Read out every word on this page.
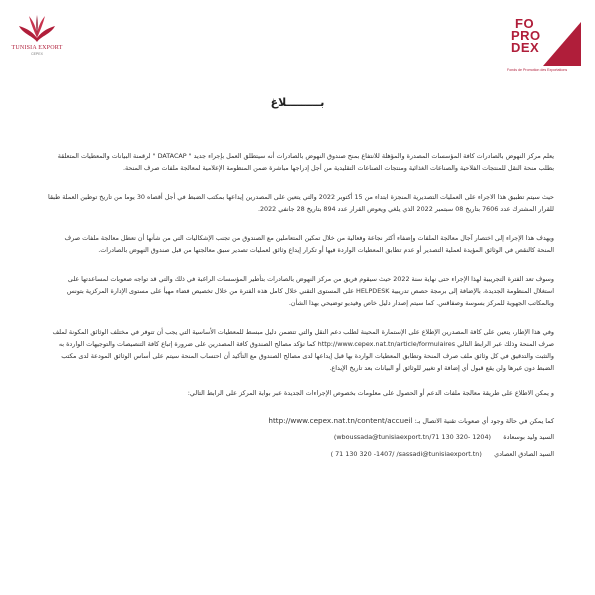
TUNISIA EXPORT
CEPEX
FO
PRO
DEX
Fonds de Promotion des Exportations
بـــــــــلاغ

يعلم مركز النهوض بالصادرات كافة المؤسسات المصدرة والمؤهلة للانتفاع بمنح صندوق النهوض بالصادرات أنه سيتطلق العمل بإجراء جديد " DATACAP " لرقمنة البيانات والمعطيات المتعلقة بطلب منحة النقل للمنتجات الفلاحية والصناعات الغذائية ومنتجات الصناعات التقليدية من أجل إدراجها مباشرة ضمن المنظومة الإعلامية لمعالجة ملفات صرف المنحة.

حيث سيتم تطبيق هذا الاجراء على العمليات التصديرية المنجزة ابتداء من 15 أكتوبر 2022 والتي يتعين على المصدرين إيداعها بمكتب الضبط في أجل أقصاه 30 يوما من تاريخ توطين العملة طبقا للقرار المشترك عدد 7606 بتاريخ 08 سبتمبر 2022 الذي يلغي ويعوض القرار عدد 894 بتاريخ 28 جانفي 2022.

ويهدف هذا الإجراء إلى اختصار آجال معالجة الملفات وإضفاء أكثر نجاعة وفعالية من خلال تمكين المتعاملين مع الصندوق من تجنب الإشكاليات التي من شأنها أن تعطل معالجة ملفات صرف المنحة كالنقص في الوثائق المؤيدة لعملية التصدير أو عدم تطابق المعطيات الواردة فيها أو تكرار إيداع وثائق لعمليات تصدير سبق معالجتها من قبل صندوق النهوض بالصادرات.

وسوف تعد الفترة التجريبية لهذا الإجراء حتى نهاية سنة 2022 حيث سيقوم فريق من مركز النهوض بالصادرات بتأطير المؤسسات الراغبة في ذلك والتي قد تواجه صعوبات لمساعدتها على استغلال المنظومة الجديدة، بالإضافة إلى برمجة حصص تدريبية HELPDESK على المستوى التقني خلال كامل هذه الفترة من خلال تخصيص فضاء مهيأ على مستوى الإدارة المركزية بتونس وبالمكاتب الجهوية للمركز بسوسة وصفاقس. كما سيتم إصدار دليل خاص وفيديو توضيحي بهذا الشأن.

وفي هذا الإطار، يتعين على كافة المصدرين الإطلاع على الإستمارة المحينة لطلب دعم النقل والتي تتضمن دليل مبسط للمعطيات الأساسية التي يجب أن تتوفر في مختلف الوثائق المكونة لملف صرف المنحة وذلك عبر الرابط التالي http://www.cepex.nat.tn/article/formulaires كما تؤكد مصالح الصندوق كافة المصدرين على ضرورة إتباع كافة التنصيصات والتوجيهات الواردة به والتثبت والتدقيق في كل وثائق ملف صرف المنحة وتطابق المعطيات الواردة بها قبل إيداعها لدى مصالح الصندوق مع التأكيد أن احتساب المنحة سيتم على أساس الوثائق المودعة لدى مكتب الضبط دون غيرها ولن يقع قبول أي إضافة او تغيير للوثائق أو البيانات بعد تاريخ الإيداع.

و يمكن الاطلاع على طريقة معالجة ملفات الدعم أو الحصول على معلومات بخصوص الإجراءات الجديدة عبر بوابة المركز على الرابط التالي:

كما يمكن في حالة وجود أي صعوبات تقنية الاتصال بـ: http://www.cepex.nat.tn/content/accueil
السيد وليد بوسعادة      (wboussada@tunisiaexport.tn/71 130 320- 1204)
السيد الصادق العصادي      ( 71 130 320 -1407/ /sassadi@tunisiaexport.tn)
